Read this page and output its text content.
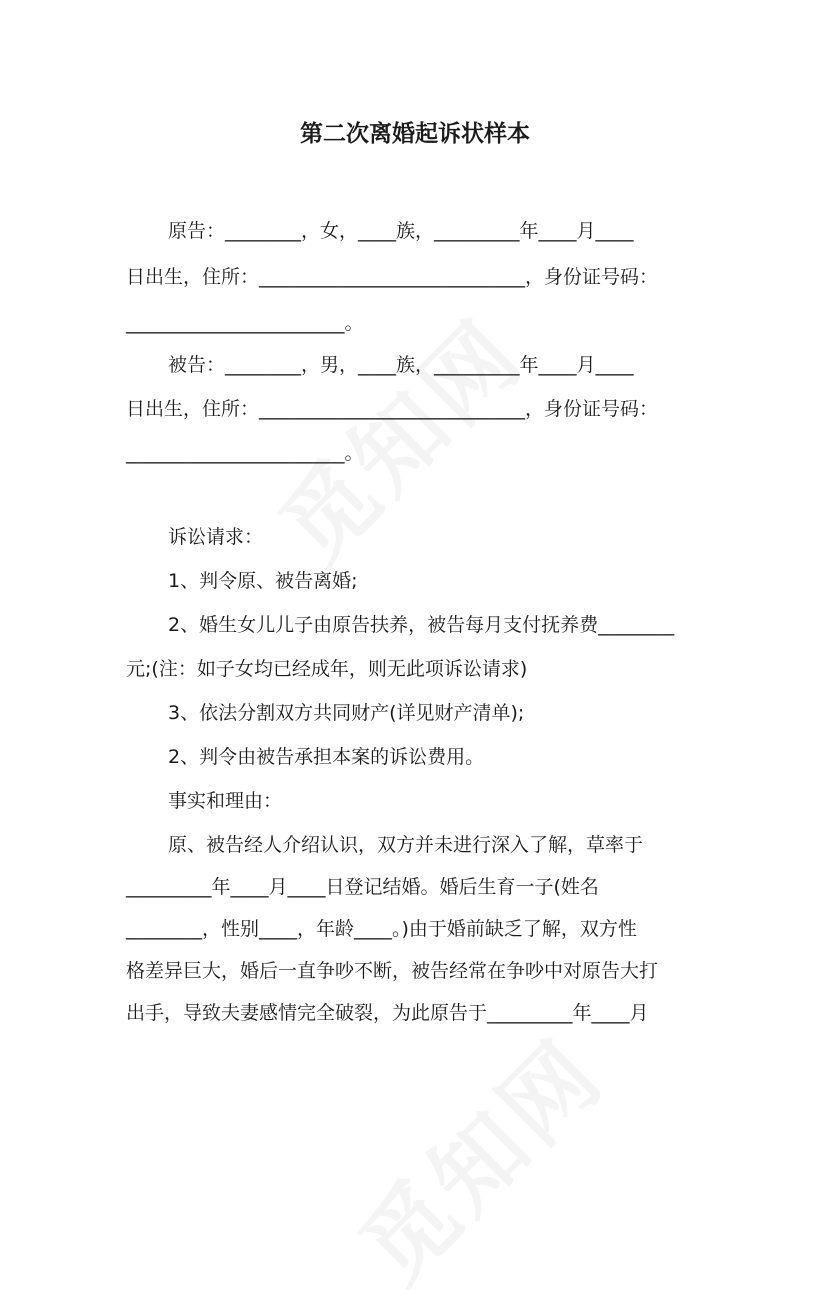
第二次离婚起诉状样本
原告：________，女，____族，_________年____月____
日出生，住所：____________________________，身份证号码：
_______________________。
被告：________，男，____族，_________年____月____
日出生，住所：____________________________，身份证号码：
_______________________。
诉讼请求：
1、判令原、被告离婚;
2、婚生女儿儿子由原告扶养，被告每月支付抚养费________
元;(注：如子女均已经成年，则无此项诉讼请求)
3、依法分割双方共同财产(详见财产清单);
2、判令由被告承担本案的诉讼费用。
事实和理由：
原、被告经人介绍认识，双方并未进行深入了解，草率于
_________年____月____日登记结婚。婚后生育一子(姓名
________，性别____，年龄____。)由于婚前缺乏了解，双方性
格差异巨大，婚后一直争吵不断，被告经常在争吵中对原告大打
出手，导致夫妻感情完全破裂，为此原告于_________年____月
